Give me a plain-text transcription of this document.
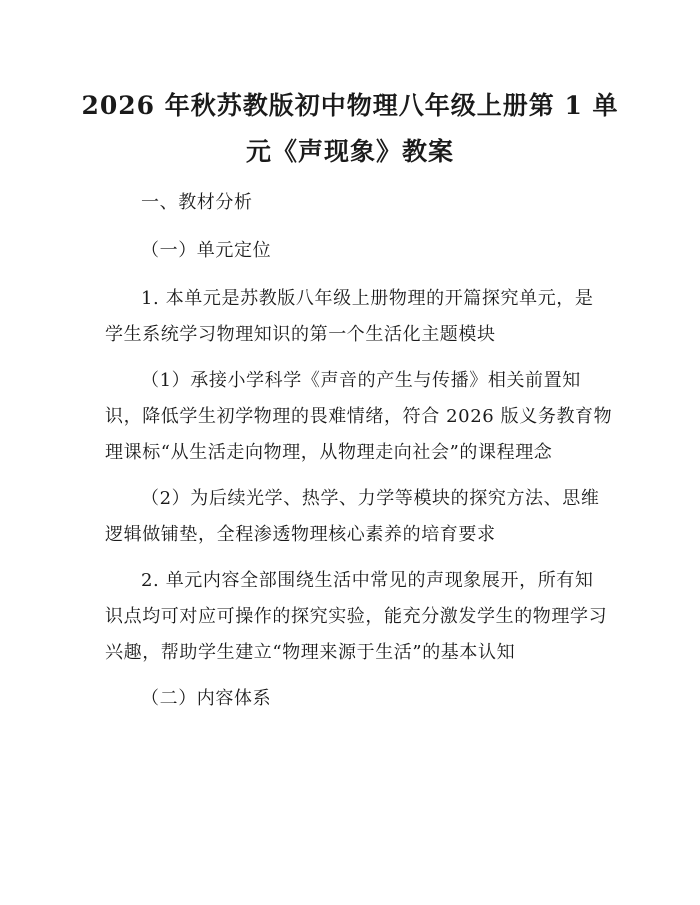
2026 年秋苏教版初中物理八年级上册第 1 单
元《声现象》教案
一、教材分析
（一）单元定位
1. 本单元是苏教版八年级上册物理的开篇探究单元，是
学生系统学习物理知识的第一个生活化主题模块
（1）承接小学科学《声音的产生与传播》相关前置知
识，降低学生初学物理的畏难情绪，符合 2026 版义务教育物
理课标“从生活走向物理，从物理走向社会”的课程理念
（2）为后续光学、热学、力学等模块的探究方法、思维
逻辑做铺垫，全程渗透物理核心素养的培育要求
2. 单元内容全部围绕生活中常见的声现象展开，所有知
识点均可对应可操作的探究实验，能充分激发学生的物理学习
兴趣，帮助学生建立“物理来源于生活”的基本认知
（二）内容体系
